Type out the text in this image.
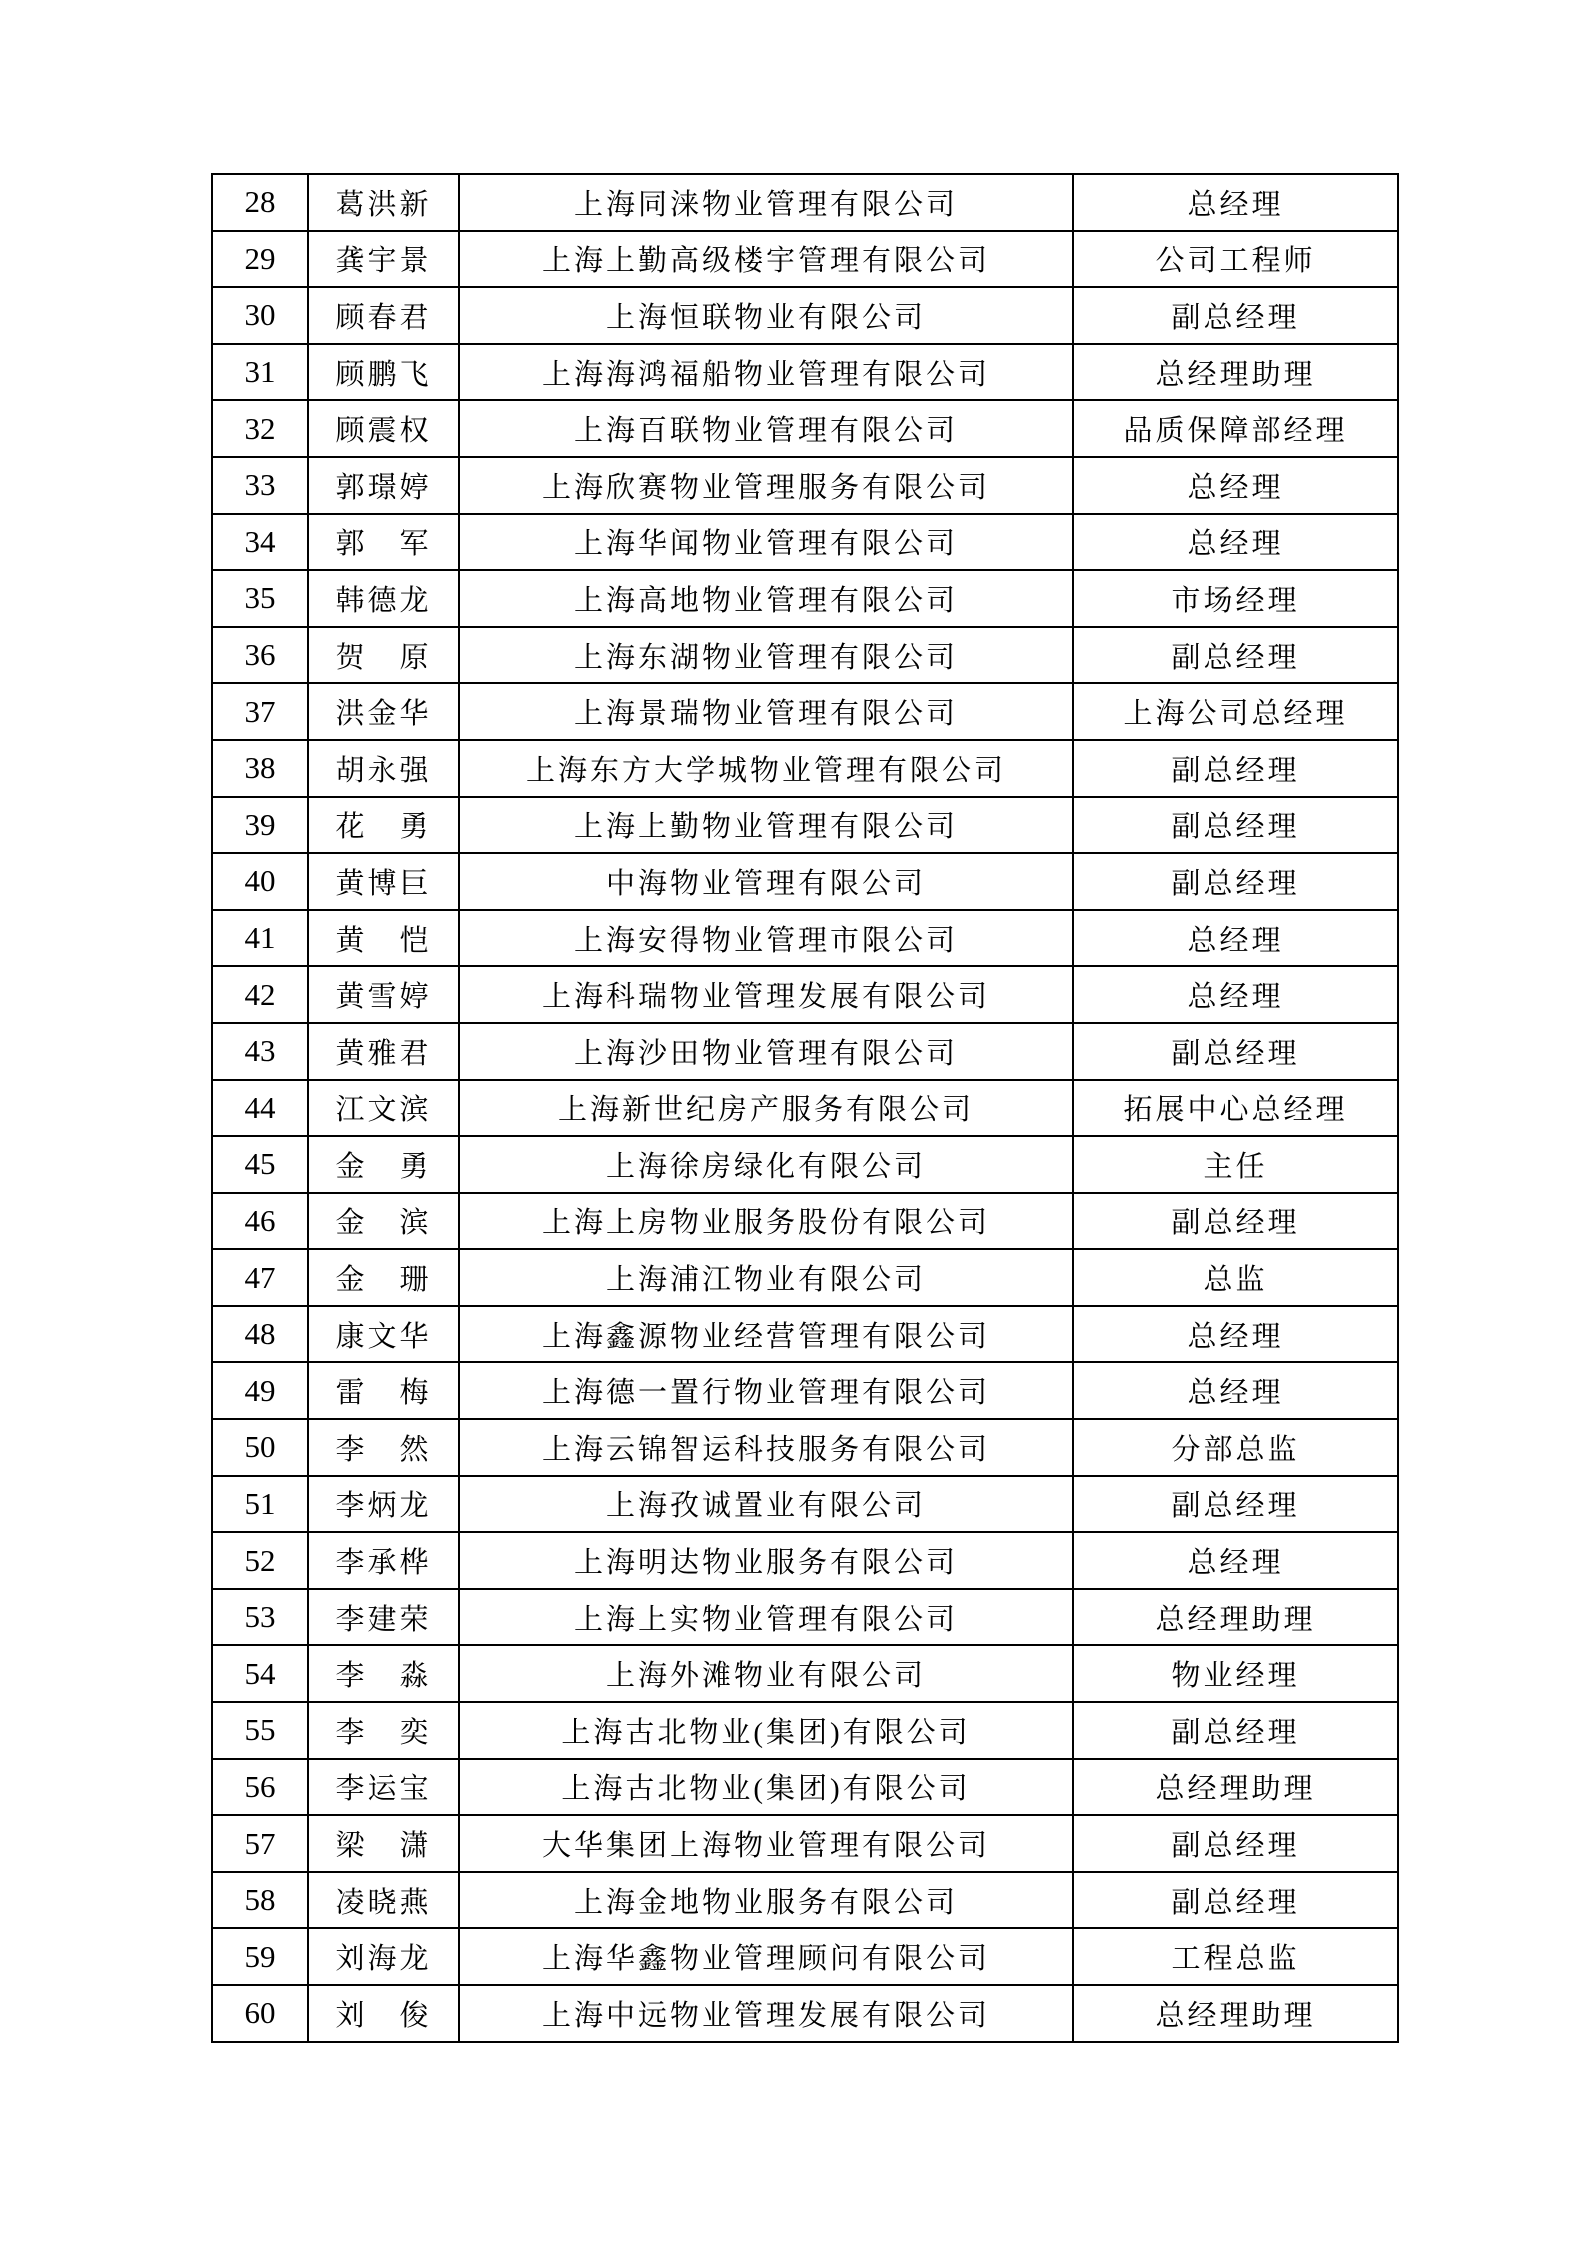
28	葛洪新	上海同涞物业管理有限公司	总经理
29	龚宇景	上海上勤高级楼宇管理有限公司	公司工程师
30	顾春君	上海恒联物业有限公司	副总经理
31	顾鹏飞	上海海鸿福船物业管理有限公司	总经理助理
32	顾震权	上海百联物业管理有限公司	品质保障部经理
33	郭璟婷	上海欣赛物业管理服务有限公司	总经理
34	郭　军	上海华闻物业管理有限公司	总经理
35	韩德龙	上海高地物业管理有限公司	市场经理
36	贺　原	上海东湖物业管理有限公司	副总经理
37	洪金华	上海景瑞物业管理有限公司	上海公司总经理
38	胡永强	上海东方大学城物业管理有限公司	副总经理
39	花　勇	上海上勤物业管理有限公司	副总经理
40	黄博巨	中海物业管理有限公司	副总经理
41	黄　恺	上海安得物业管理市限公司	总经理
42	黄雪婷	上海科瑞物业管理发展有限公司	总经理
43	黄雅君	上海沙田物业管理有限公司	副总经理
44	江文滨	上海新世纪房产服务有限公司	拓展中心总经理
45	金　勇	上海徐房绿化有限公司	主任
46	金　滨	上海上房物业服务股份有限公司	副总经理
47	金　珊	上海浦江物业有限公司	总监
48	康文华	上海鑫源物业经营管理有限公司	总经理
49	雷　梅	上海德一置行物业管理有限公司	总经理
50	李　然	上海云锦智运科技服务有限公司	分部总监
51	李炳龙	上海孜诚置业有限公司	副总经理
52	李承桦	上海明达物业服务有限公司	总经理
53	李建荣	上海上实物业管理有限公司	总经理助理
54	李　淼	上海外滩物业有限公司	物业经理
55	李　奕	上海古北物业(集团)有限公司	副总经理
56	李运宝	上海古北物业(集团)有限公司	总经理助理
57	梁　潇	大华集团上海物业管理有限公司	副总经理
58	凌晓燕	上海金地物业服务有限公司	副总经理
59	刘海龙	上海华鑫物业管理顾问有限公司	工程总监
60	刘　俊	上海中远物业管理发展有限公司	总经理助理
